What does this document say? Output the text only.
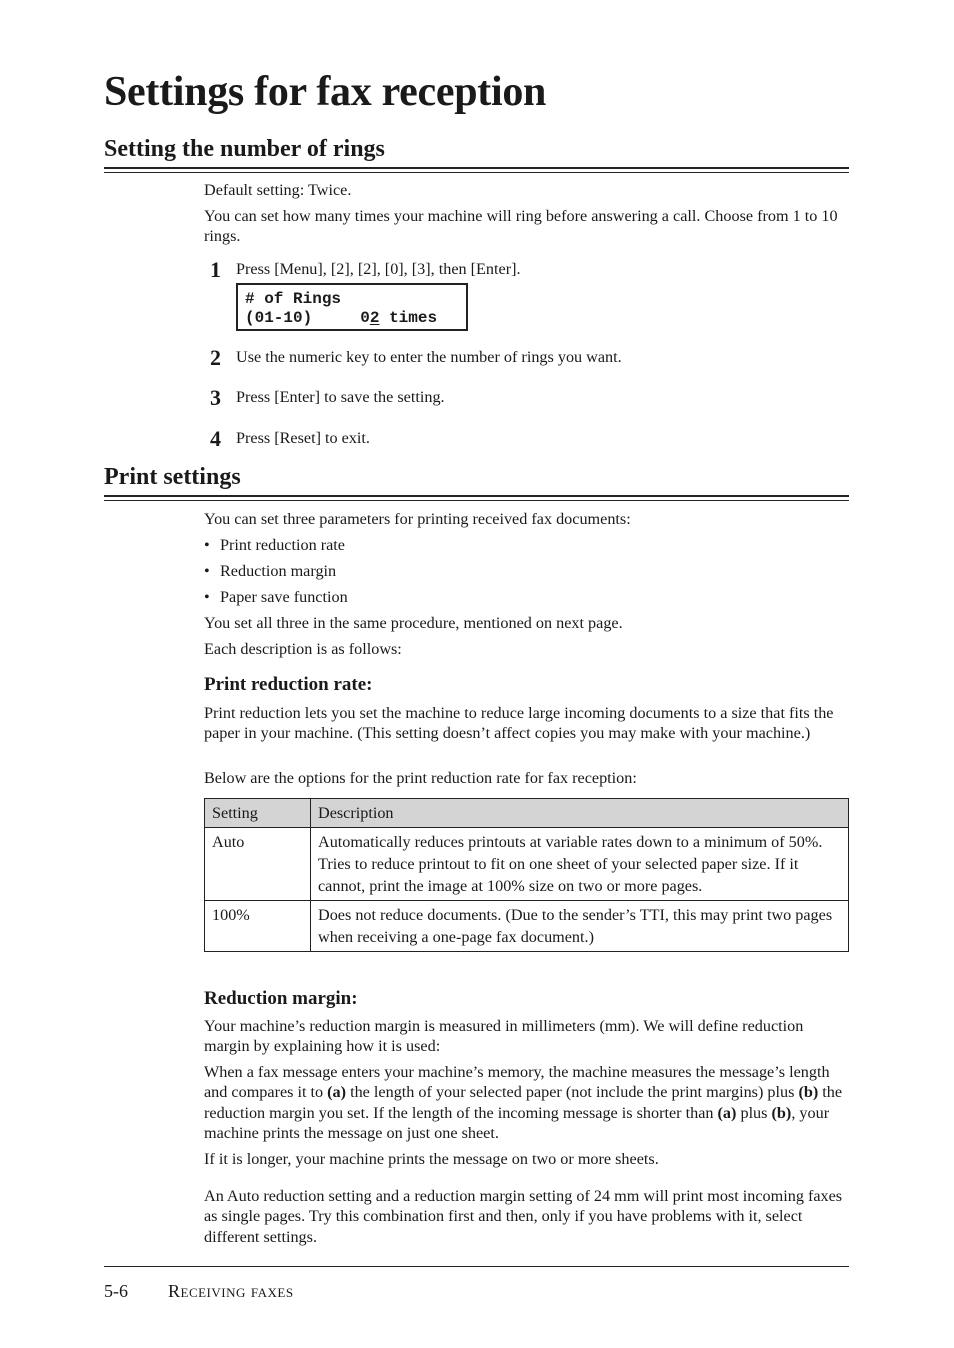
Settings for fax reception
Setting the number of rings

Default setting: Twice.

You can set how many times your machine will ring before answering a call. Choose from 1 to 10 rings.

1 Press [Menu], [2], [2], [0], [3], then [Enter].
# of Rings
(01-10)	02 times
2 Use the numeric key to enter the number of rings you want.
3 Press [Enter] to save the setting.
4 Press [Reset] to exit.
Print settings

You can set three parameters for printing received fax documents:

• Print reduction rate
• Reduction margin
• Paper save function

You set all three in the same procedure, mentioned on next page.

Each description is as follows:

Print reduction rate:

Print reduction lets you set the machine to reduce large incoming documents to a size that fits the paper in your machine. (This setting doesn’t affect copies you may make with your machine.)

Below are the options for the print reduction rate for fax reception:

Setting	Description
Auto	Automatically reduces printouts at variable rates down to a minimum of 50%. Tries to reduce printout to fit on one sheet of your selected paper size. If it cannot, print the image at 100% size on two or more pages.
100%	Does not reduce documents. (Due to the sender’s TTI, this may print two pages when receiving a one-page fax document.)
Reduction margin:

Your machine’s reduction margin is measured in millimeters (mm). We will define reduction margin by explaining how it is used:

When a fax message enters your machine’s memory, the machine measures the message’s length and compares it to (a) the length of your selected paper (not include the print margins) plus (b) the reduction margin you set. If the length of the incoming message is shorter than (a) plus (b), your machine prints the message on just one sheet.

If it is longer, your machine prints the message on two or more sheets.

An Auto reduction setting and a reduction margin setting of 24 mm will print most incoming faxes as single pages. Try this combination first and then, only if you have problems with it, select different settings.

5-6 Receiving faxes
